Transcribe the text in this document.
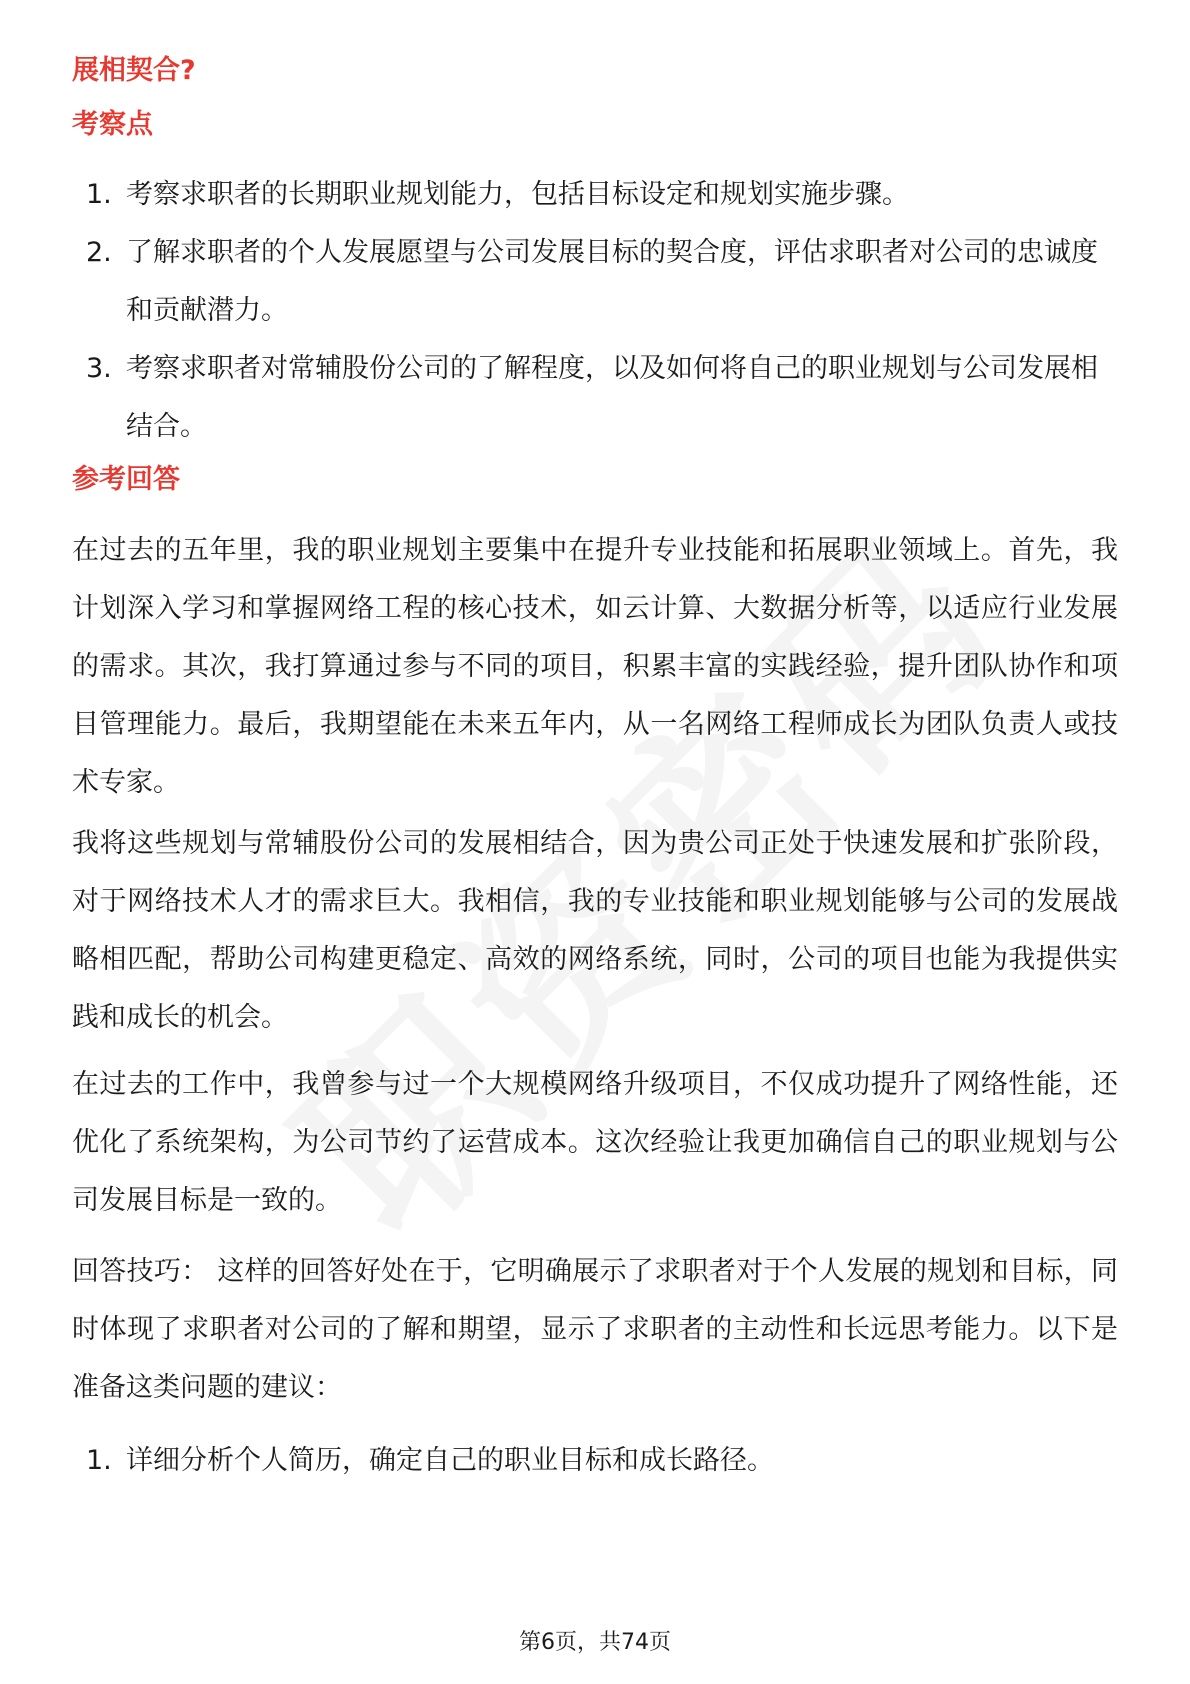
展相契合?
考察点
1. 考察求职者的长期职业规划能力，包括目标设定和规划实施步骤。
2. 了解求职者的个人发展愿望与公司发展目标的契合度，评估求职者对公司的忠诚度和贡献潜力。
3. 考察求职者对常辅股份公司的了解程度，以及如何将自己的职业规划与公司发展相结合。
参考回答

在过去的五年里，我的职业规划主要集中在提升专业技能和拓展职业领域上。首先，我计划深入学习和掌握网络工程的核心技术，如云计算、大数据分析等，以适应行业发展的需求。其次，我打算通过参与不同的项目，积累丰富的实践经验，提升团队协作和项目管理能力。最后，我期望能在未来五年内，从一名网络工程师成长为团队负责人或技术专家。

我将这些规划与常辅股份公司的发展相结合，因为贵公司正处于快速发展和扩张阶段，对于网络技术人才的需求巨大。我相信，我的专业技能和职业规划能够与公司的发展战略相匹配，帮助公司构建更稳定、高效的网络系统，同时，公司的项目也能为我提供实践和成长的机会。

在过去的工作中，我曾参与过一个大规模网络升级项目，不仅成功提升了网络性能，还优化了系统架构，为公司节约了运营成本。这次经验让我更加确信自己的职业规划与公司发展目标是一致的。

回答技巧： 这样的回答好处在于，它明确展示了求职者对于个人发展的规划和目标，同时体现了求职者对公司的了解和期望，显示了求职者的主动性和长远思考能力。以下是准备这类问题的建议：

1. 详细分析个人简历，确定自己的职业目标和成长路径。
第6页，共74页
